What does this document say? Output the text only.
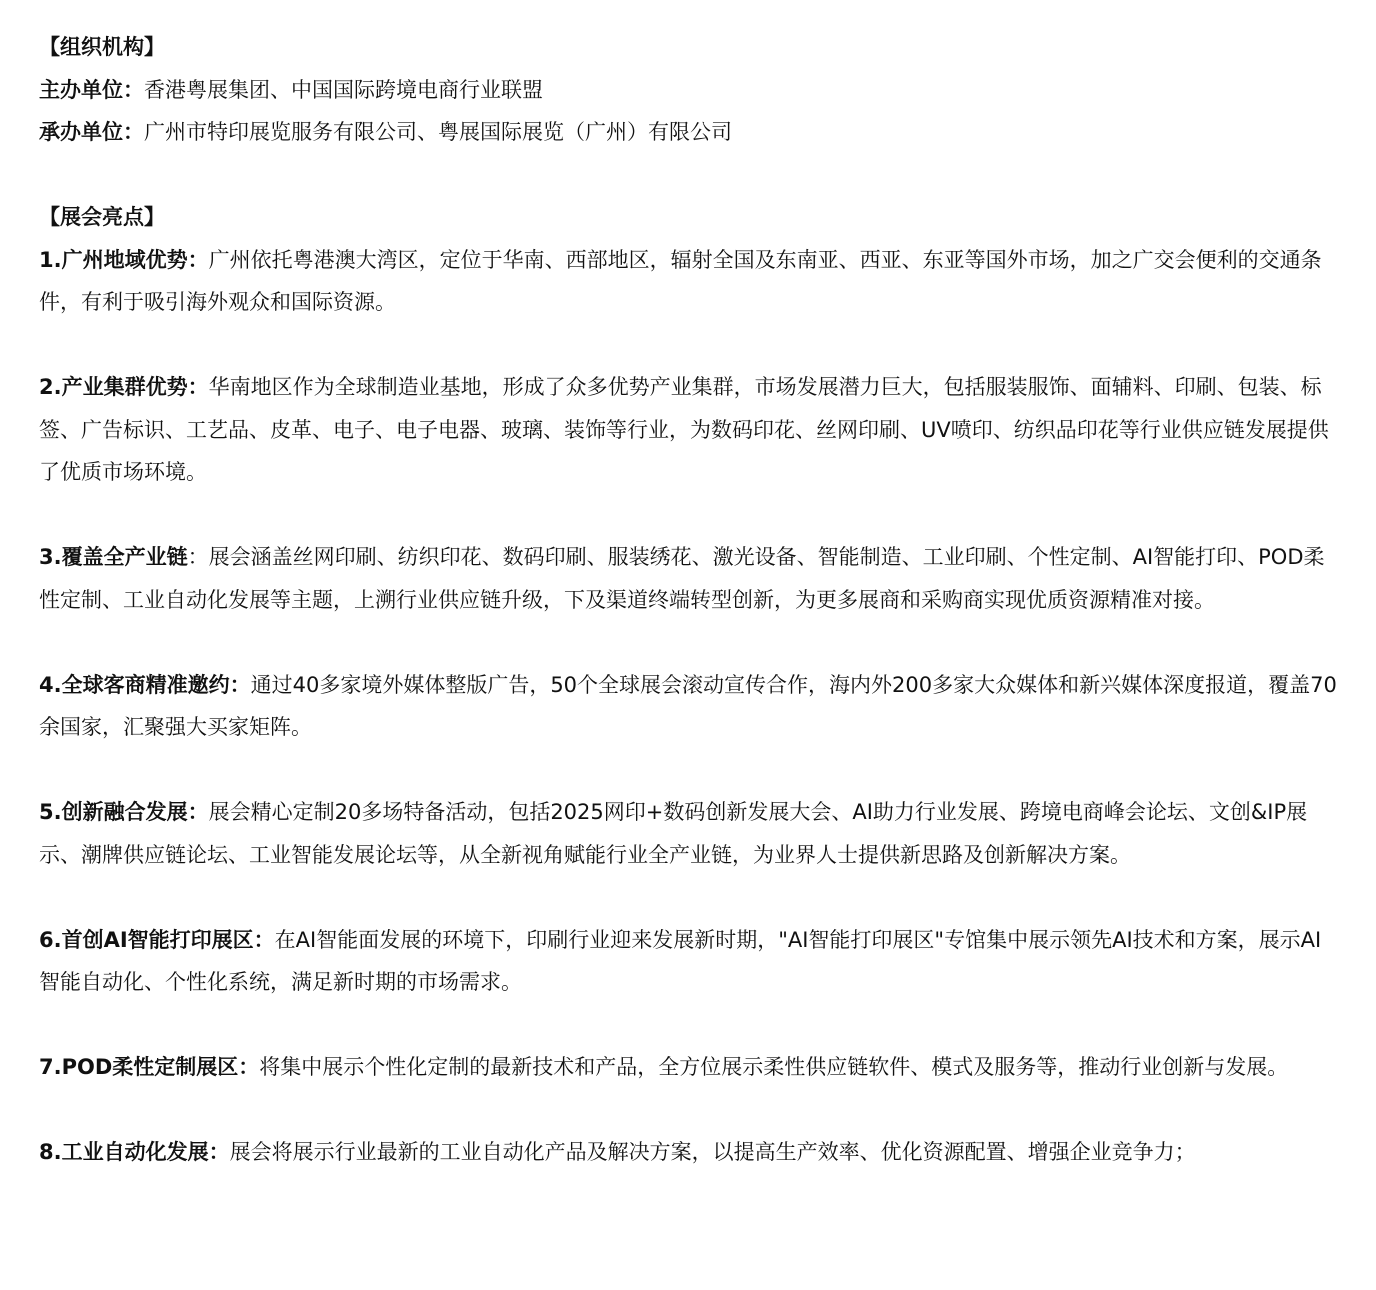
【组织机构】
主办单位：香港粤展集团、中国国际跨境电商行业联盟
承办单位：广州市特印展览服务有限公司、粤展国际展览（广州）有限公司
【展会亮点】

1.广州地域优势：广州依托粤港澳大湾区，定位于华南、西部地区，辐射全国及东南亚、西亚、东亚等国外市场，加之广交会便利的交通条件，有利于吸引海外观众和国际资源。

2.产业集群优势：华南地区作为全球制造业基地，形成了众多优势产业集群，市场发展潜力巨大，包括服装服饰、面辅料、印刷、包装、标签、广告标识、工艺品、皮革、电子、电子电器、玻璃、装饰等行业，为数码印花、丝网印刷、UV喷印、纺织品印花等行业供应链发展提供了优质市场环境。

3.覆盖全产业链：展会涵盖丝网印刷、纺织印花、数码印刷、服装绣花、激光设备、智能制造、工业印刷、个性定制、AI智能打印、POD柔性定制、工业自动化发展等主题，上溯行业供应链升级，下及渠道终端转型创新，为更多展商和采购商实现优质资源精准对接。

4.全球客商精准邀约：通过40多家境外媒体整版广告，50个全球展会滚动宣传合作，海内外200多家大众媒体和新兴媒体深度报道，覆盖70余国家，汇聚强大买家矩阵。

5.创新融合发展：展会精心定制20多场特备活动，包括2025网印+数码创新发展大会、AI助力行业发展、跨境电商峰会论坛、文创&IP展示、潮牌供应链论坛、工业智能发展论坛等，从全新视角赋能行业全产业链，为业界人士提供新思路及创新解决方案。

6.首创AI智能打印展区：在AI智能面发展的环境下，印刷行业迎来发展新时期，"AI智能打印展区"专馆集中展示领先AI技术和方案，展示AI智能自动化、个性化系统，满足新时期的市场需求。

7.POD柔性定制展区：将集中展示个性化定制的最新技术和产品，全方位展示柔性供应链软件、模式及服务等，推动行业创新与发展。

8.工业自动化发展：展会将展示行业最新的工业自动化产品及解决方案，以提高生产效率、优化资源配置、增强企业竞争力；
